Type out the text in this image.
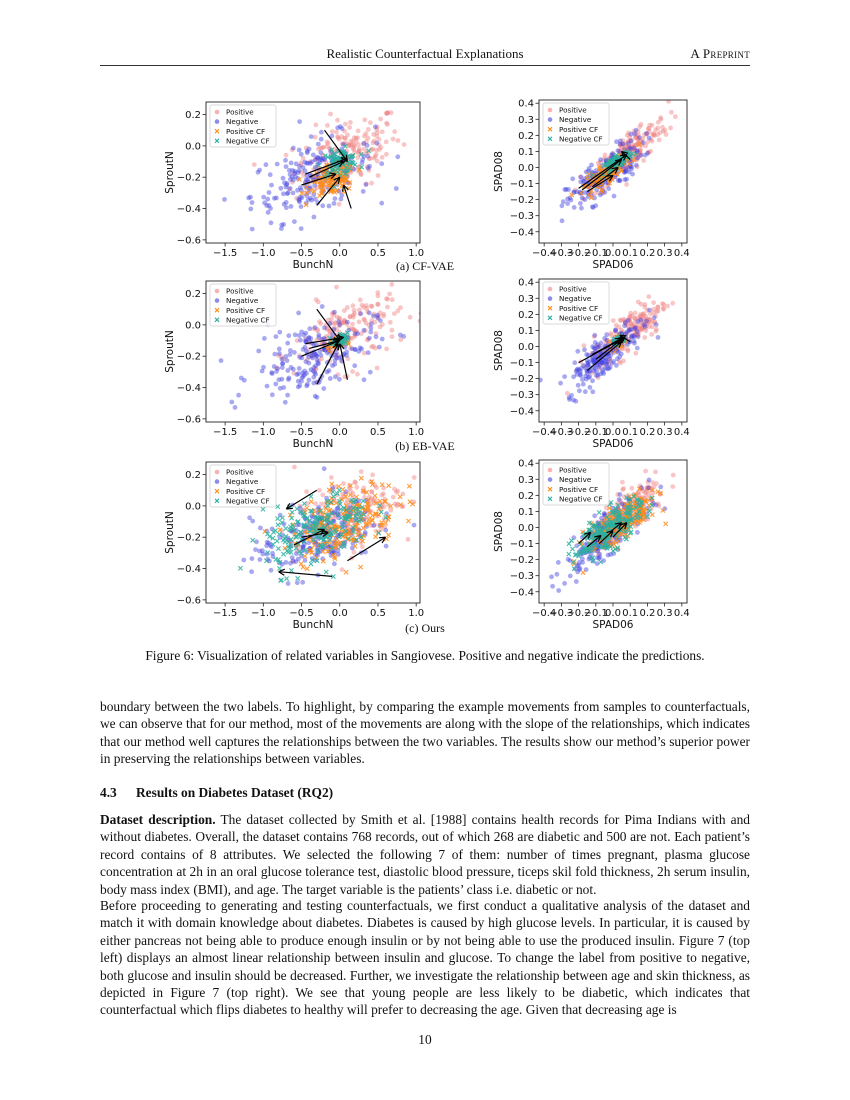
Realistic Counterfactual Explanations	A Preprint
−1.5 −1.0 −0.5 0.0 0.5 1.0
−0.6
−0.4
−0.2
0.0
0.2
BunchN
SproutN
Positive
Negative
Positive CF
Negative CF
−0.4
−0.3
−0.2
−0.1
0.0 0.1 0.2 0.3 0.4
−0.4
−0.3
−0.2
−0.1
0.0
0.1
0.2
0.3
0.4
SPAD06
SPAD08
Positive
Negative
Positive CF
Negative CF
(a) CF-VAE
−1.5 −1.0 −0.5 0.0 0.5 1.0
−0.6
−0.4
−0.2
0.0
0.2
BunchN
SproutN
Positive
Negative
Positive CF
Negative CF
−0.4
−0.3
−0.2
−0.1
0.0 0.1 0.2 0.3 0.4
−0.4
−0.3
−0.2
−0.1
0.0
0.1
0.2
0.3
0.4
SPAD06
SPAD08
Positive
Negative
Positive CF
Negative CF
(b) EB-VAE
−1.5 −1.0 −0.5 0.0 0.5 1.0
−0.6
−0.4
−0.2
0.0
0.2
BunchN
SproutN
Positive
Negative
Positive CF
Negative CF
−0.4
−0.3
−0.2
−0.1
0.0 0.1 0.2 0.3 0.4
−0.4
−0.3
−0.2
−0.1
0.0
0.1
0.2
0.3
0.4
SPAD06
SPAD08
Positive
Negative
Positive CF
Negative CF
(c) Ours
Figure 6: Visualization of related variables in Sangiovese. Positive and negative indicate the predictions.
boundary between the two labels. To highlight, by comparing the example movements from samples to counterfactuals, we can observe that for our method, most of the movements are along with the slope of the relationships, which indicates that our method well captures the relationships between the two variables. The results show our method’s superior power in preserving the relationships between variables.
4.3 Results on Diabetes Dataset (RQ2)
Dataset description. The dataset collected by Smith et al. [1988] contains health records for Pima Indians with and without diabetes. Overall, the dataset contains 768 records, out of which 268 are diabetic and 500 are not. Each patient’s record contains of 8 attributes. We selected the following 7 of them: number of times pregnant, plasma glucose concentration at 2h in an oral glucose tolerance test, diastolic blood pressure, ticeps skil fold thickness, 2h serum insulin, body mass index (BMI), and age. The target variable is the patients’ class i.e. diabetic or not.
Before proceeding to generating and testing counterfactuals, we first conduct a qualitative analysis of the dataset and match it with domain knowledge about diabetes. Diabetes is caused by high glucose levels. In particular, it is caused by either pancreas not being able to produce enough insulin or by not being able to use the produced insulin. Figure 7 (top left) displays an almost linear relationship between insulin and glucose. To change the label from positive to negative, both glucose and insulin should be decreased. Further, we investigate the relationship between age and skin thickness, as depicted in Figure 7 (top right). We see that young people are less likely to be diabetic, which indicates that counterfactual which flips diabetes to healthy will prefer to decreasing the age. Given that decreasing age is
10
